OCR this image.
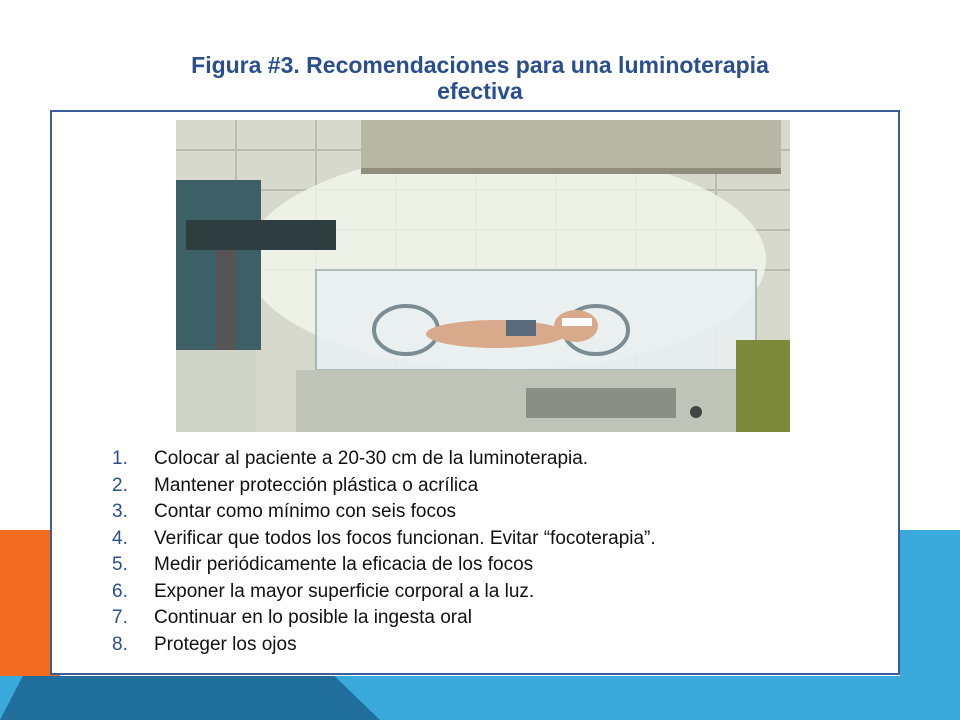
Figura #3. Recomendaciones para una luminoterapia
efectiva
1. Colocar al paciente a 20-30 cm de la luminoterapia.
2. Mantener protección plástica o acrílica
3. Contar como mínimo con seis focos
4. Verificar que todos los focos funcionan. Evitar “focoterapia”.
5. Medir periódicamente la eficacia de los focos
6. Exponer la mayor superficie corporal a la luz.
7. Continuar en lo posible la ingesta oral
8. Proteger los ojos
